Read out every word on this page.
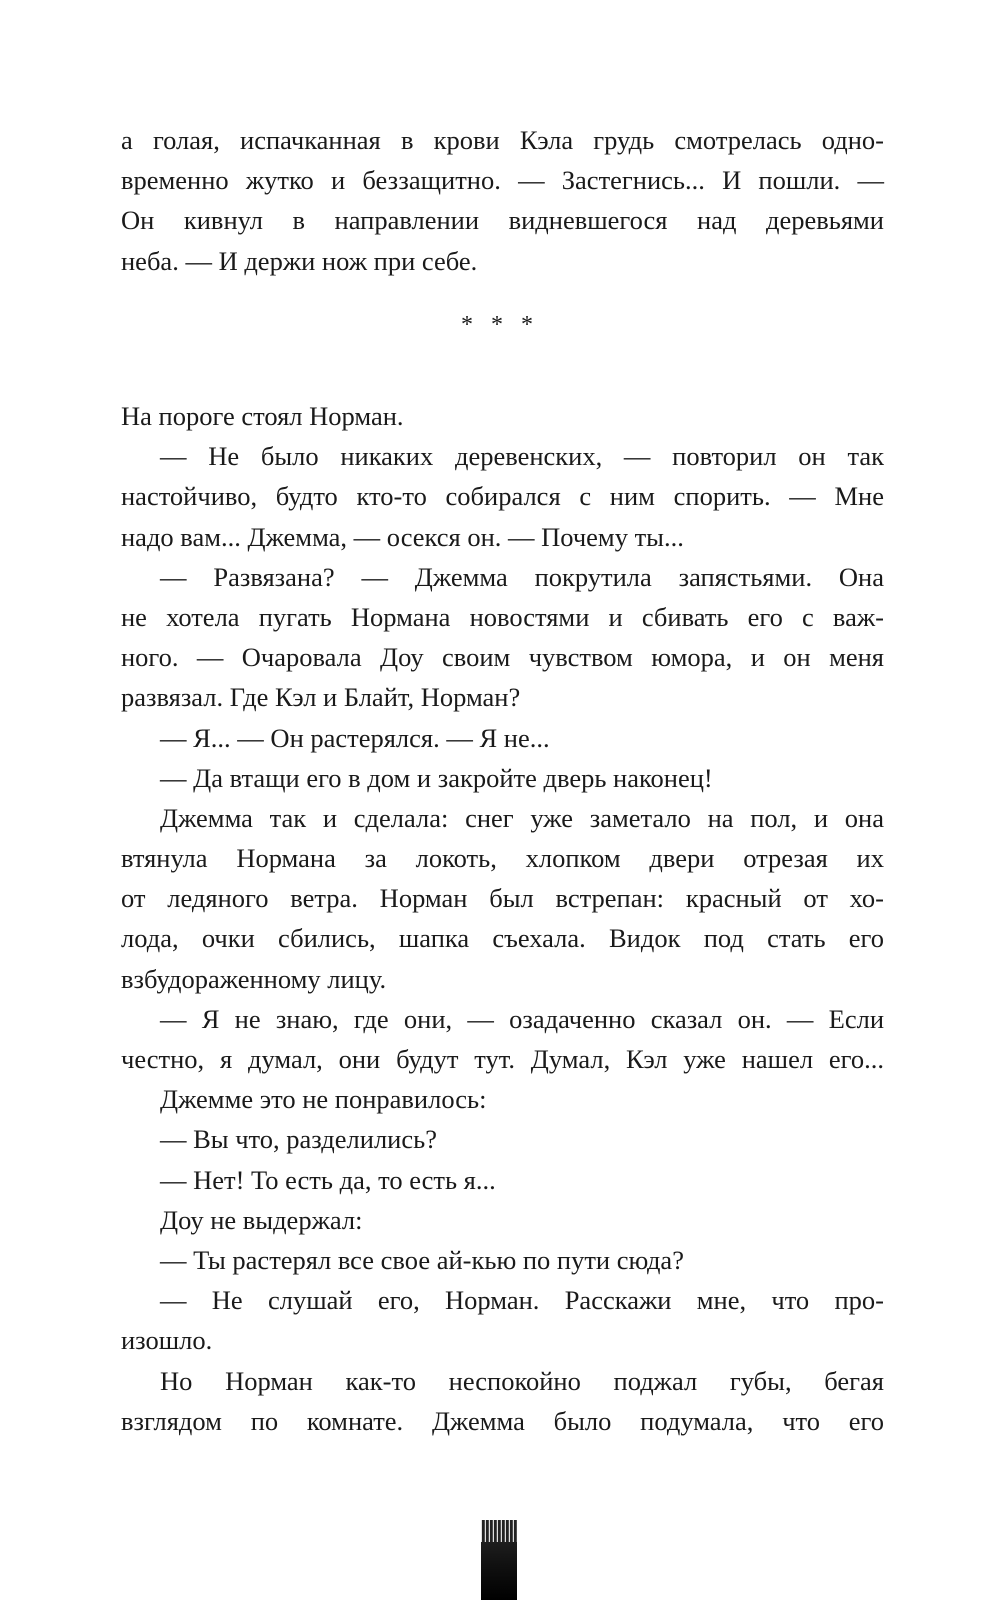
а голая, испачканная в крови Кэла грудь смотрелась одно-
временно жутко и беззащитно. — Застегнись... И пошли. —
Он кивнул в направлении видневшегося над деревьями
неба. — И держи нож при себе.
* * *
На пороге стоял Норман.
— Не было никаких деревенских, — повторил он так
настойчиво, будто кто-то собирался с ним спорить. — Мне
надо вам... Джемма, — осекся он. — Почему ты...
— Развязана? — Джемма покрутила запястьями. Она
не хотела пугать Нормана новостями и сбивать его с важ-
ного. — Очаровала Доу своим чувством юмора, и он меня
развязал. Где Кэл и Блайт, Норман?
— Я... — Он растерялся. — Я не...
— Да втащи его в дом и закройте дверь наконец!
Джемма так и сделала: снег уже заметало на пол, и она
втянула Нормана за локоть, хлопком двери отрезая их
от ледяного ветра. Норман был встрепан: красный от хо-
лода, очки сбились, шапка съехала. Видок под стать его
взбудораженному лицу.
— Я не знаю, где они, — озадаченно сказал он. — Если
честно, я думал, они будут тут. Думал, Кэл уже нашел его...
Джемме это не понравилось:
— Вы что, разделились?
— Нет! То есть да, то есть я...
Доу не выдержал:
— Ты растерял все свое ай-кью по пути сюда?
— Не слушай его, Норман. Расскажи мне, что про-
изошло.
Но Норман как-то неспокойно поджал губы, бегая
взглядом по комнате. Джемма было подумала, что его
